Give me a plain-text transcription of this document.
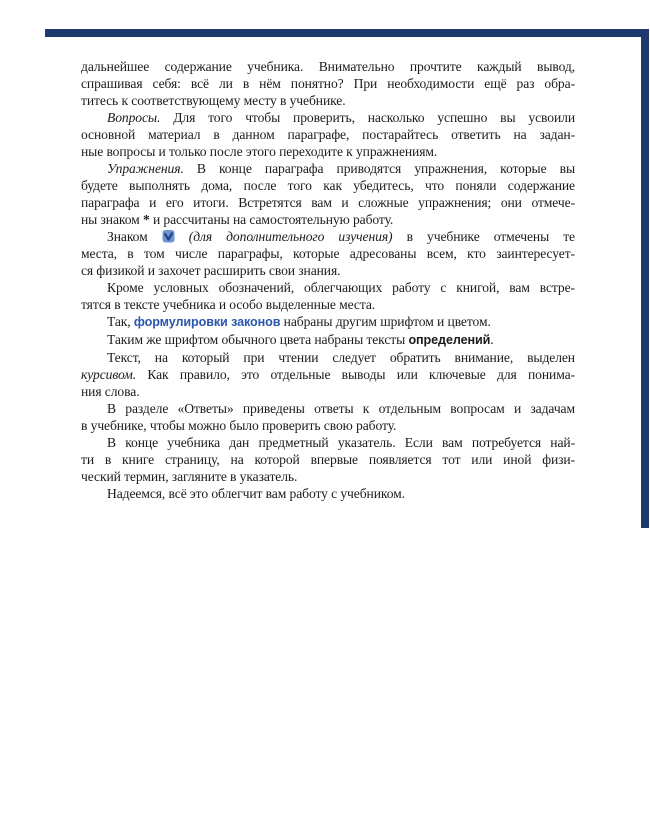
дальнейшее содержание учебника. Внимательно прочтите каждый вывод,
спрашивая себя: всё ли в нём понятно? При необходимости ещё раз обра-
титесь к соответствующему месту в учебнике.
Вопросы. Для того чтобы проверить, насколько успешно вы усвоили
основной материал в данном параграфе, постарайтесь ответить на задан-
ные вопросы и только после этого переходите к упражнениям.
Упражнения. В конце параграфа приводятся упражнения, которые вы
будете выполнять дома, после того как убедитесь, что поняли содержание
параграфа и его итоги. Встретятся вам и сложные упражнения; они отмече-
ны знаком * и рассчитаны на самостоятельную работу.
Знаком
(для дополнительного изучения) в учебнике отмечены те
места, в том числе параграфы, которые адресованы всем, кто заинтересует-
ся физикой и захочет расширить свои знания.
Кроме условных обозначений, облегчающих работу с книгой, вам встре-
тятся в тексте учебника и особо выделенные места.
Так, формулировки законов набраны другим шрифтом и цветом.
Таким же шрифтом обычного цвета набраны тексты определений.
Текст, на который при чтении следует обратить внимание, выделен
курсивом. Как правило, это отдельные выводы или ключевые для понима-
ния слова.
В разделе «Ответы» приведены ответы к отдельным вопросам и задачам
в учебнике, чтобы можно было проверить свою работу.
В конце учебника дан предметный указатель. Если вам потребуется най-
ти в книге страницу, на которой впервые появляется тот или иной физи-
ческий термин, загляните в указатель.
Надеемся, всё это облегчит вам работу с учебником.
